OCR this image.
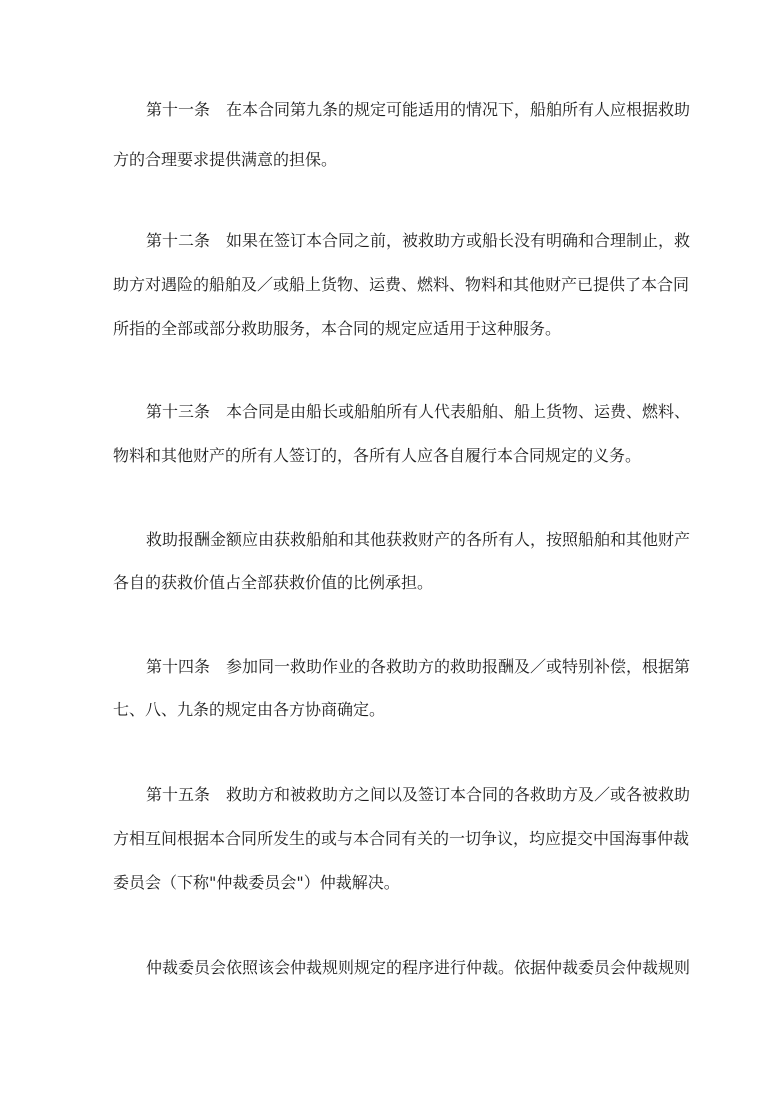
第十一条　在本合同第九条的规定可能适用的情况下，船舶所有人应根据救助
方的合理要求提供满意的担保。
第十二条　如果在签订本合同之前，被救助方或船长没有明确和合理制止，救
助方对遇险的船舶及／或船上货物、运费、燃料、物料和其他财产已提供了本合同
所指的全部或部分救助服务，本合同的规定应适用于这种服务。
第十三条　本合同是由船长或船舶所有人代表船舶、船上货物、运费、燃料、
物料和其他财产的所有人签订的，各所有人应各自履行本合同规定的义务。
救助报酬金额应由获救船舶和其他获救财产的各所有人，按照船舶和其他财产
各自的获救价值占全部获救价值的比例承担。
第十四条　参加同一救助作业的各救助方的救助报酬及／或特别补偿，根据第
七、八、九条的规定由各方协商确定。
第十五条　救助方和被救助方之间以及签订本合同的各救助方及／或各被救助
方相互间根据本合同所发生的或与本合同有关的一切争议，均应提交中国海事仲裁
委员会（下称"仲裁委员会"）仲裁解决。
仲裁委员会依照该会仲裁规则规定的程序进行仲裁。依据仲裁委员会仲裁规则
